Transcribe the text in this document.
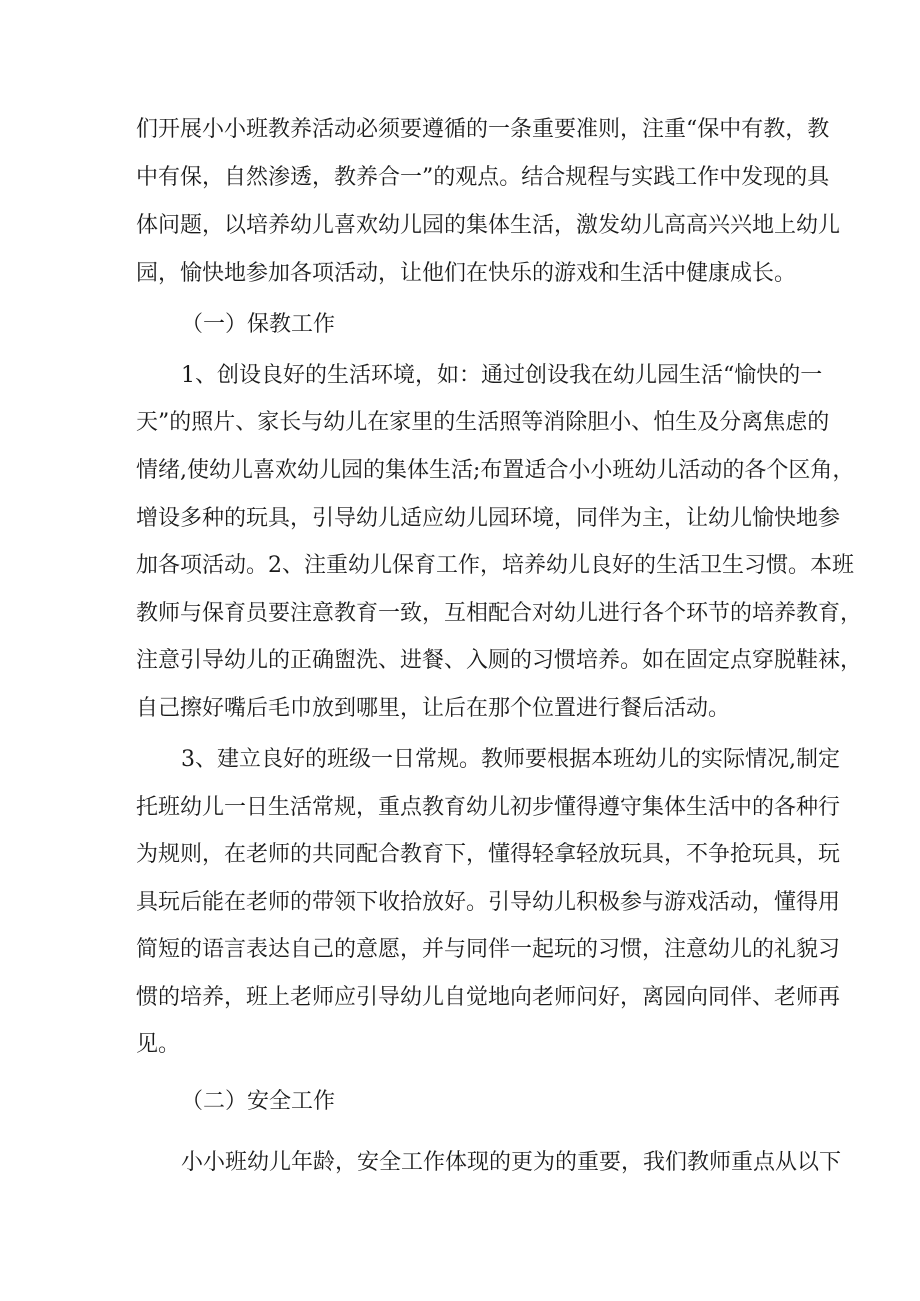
们开展小小班教养活动必须要遵循的一条重要准则，注重“保中有教，教
中有保，自然渗透，教养合一”的观点。结合规程与实践工作中发现的具
体问题，以培养幼儿喜欢幼儿园的集体生活，激发幼儿高高兴兴地上幼儿
园，愉快地参加各项活动，让他们在快乐的游戏和生活中健康成长。
（一）保教工作
1、创设良好的生活环境，如：通过创设我在幼儿园生活“愉快的一
天”的照片、家长与幼儿在家里的生活照等消除胆小、怕生及分离焦虑的
情绪,使幼儿喜欢幼儿园的集体生活;布置适合小小班幼儿活动的各个区角，
增设多种的玩具，引导幼儿适应幼儿园环境，同伴为主，让幼儿愉快地参
加各项活动。2、注重幼儿保育工作，培养幼儿良好的生活卫生习惯。本班
教师与保育员要注意教育一致，互相配合对幼儿进行各个环节的培养教育，
注意引导幼儿的正确盥洗、进餐、入厕的习惯培养。如在固定点穿脱鞋袜，
自己擦好嘴后毛巾放到哪里，让后在那个位置进行餐后活动。
3、建立良好的班级一日常规。教师要根据本班幼儿的实际情况,制定
托班幼儿一日生活常规，重点教育幼儿初步懂得遵守集体生活中的各种行
为规则，在老师的共同配合教育下，懂得轻拿轻放玩具，不争抢玩具，玩
具玩后能在老师的带领下收拾放好。引导幼儿积极参与游戏活动，懂得用
简短的语言表达自己的意愿，并与同伴一起玩的习惯，注意幼儿的礼貌习
惯的培养，班上老师应引导幼儿自觉地向老师问好，离园向同伴、老师再
见。
（二）安全工作
小小班幼儿年龄，安全工作体现的更为的重要，我们教师重点从以下
